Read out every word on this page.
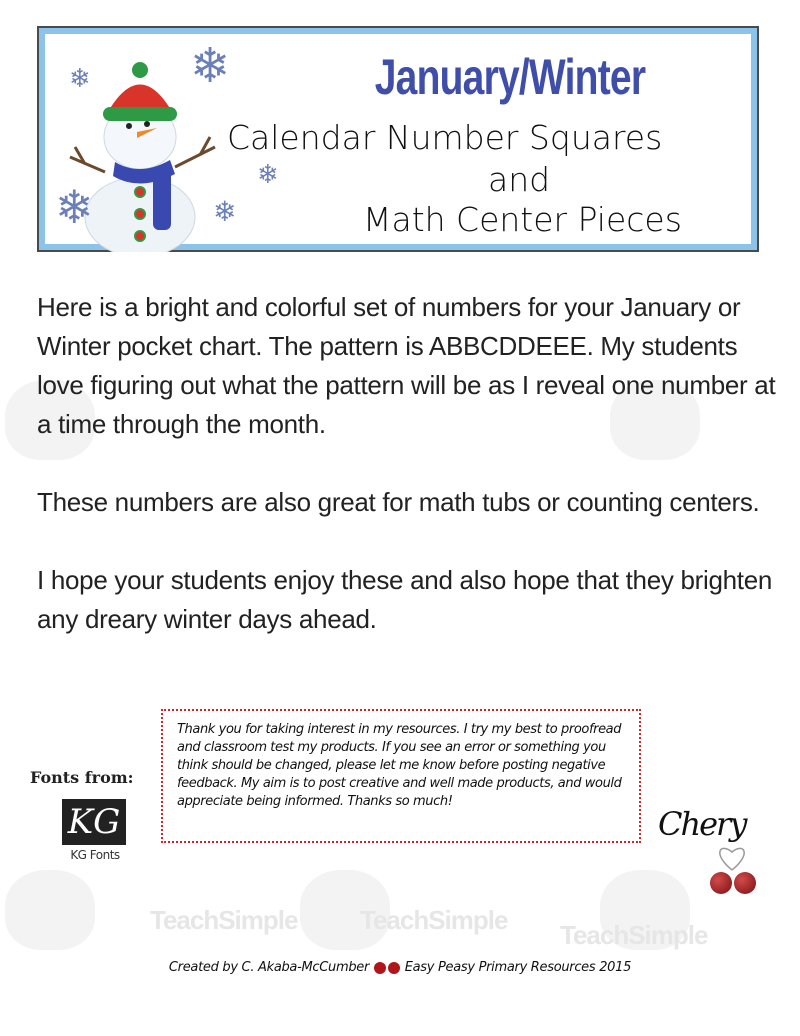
TeachSimple TeachSimple TeachSimple
❄
❄
❄	❄
❄
January/Winter
Calendar Number Squares
and
Math Center Pieces

Here is a bright and colorful set of numbers for your January or Winter pocket chart. The pattern is ABBCDDEEE. My students love figuring out what the pattern will be as I reveal one number at a time through the month.

These numbers are also great for math tubs or counting centers.

I hope your students enjoy these and also hope that they brighten any dreary winter days ahead.

Fonts from:
KG
KG Fonts
Thank you for taking interest in my resources. I try my best to proofread and classroom test my products. If you see an error or something you think should be changed, please let me know before posting negative feedback. My aim is to post creative and well made products, and would appreciate being informed. Thanks so much!
Chery
Created by C. Akaba-McCumber	Easy Peasy Primary Resources 2015
